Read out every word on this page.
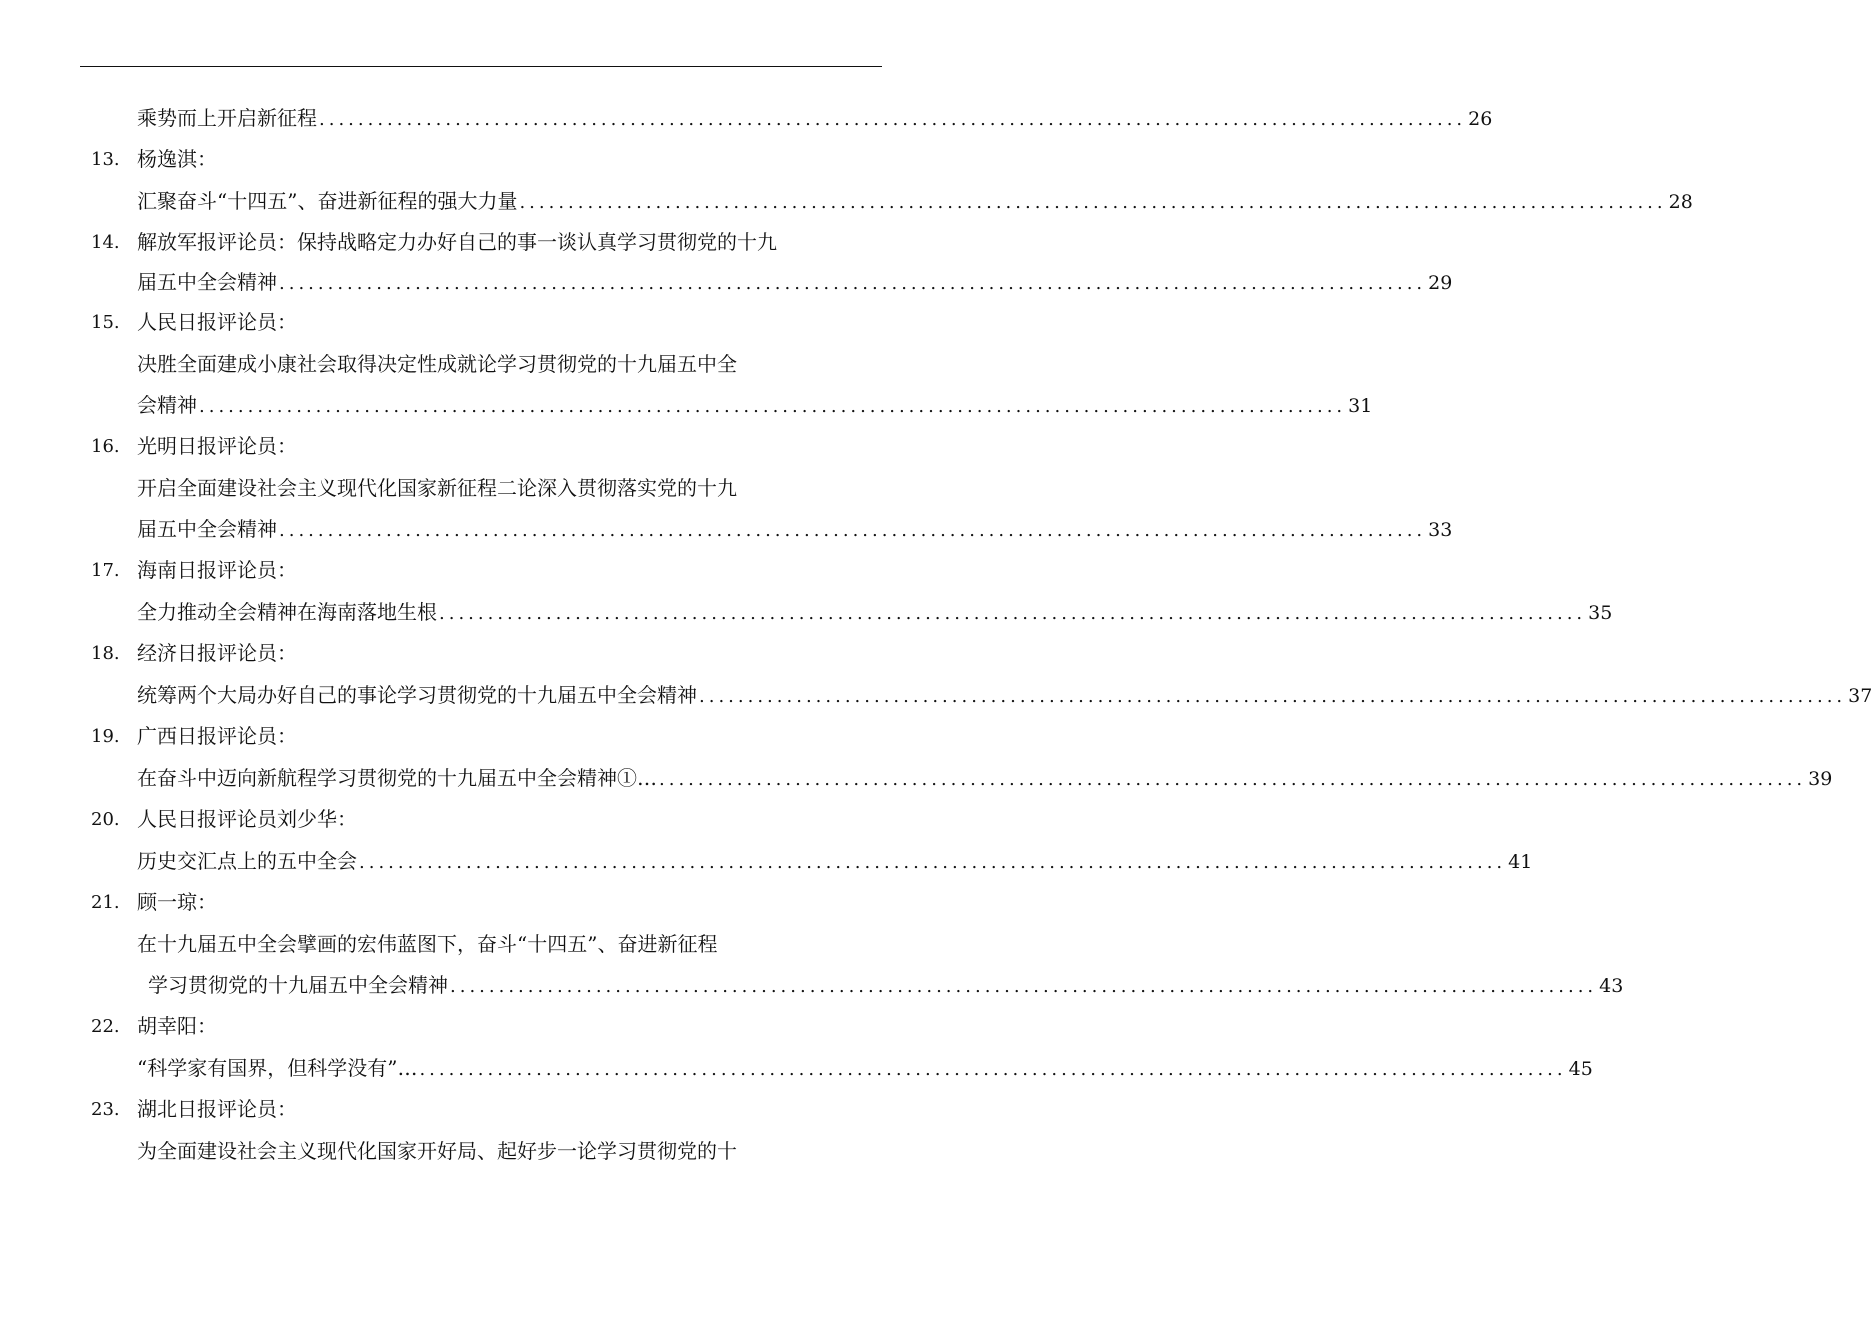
乘势而上开启新征程 ...................................................................................................................... 26
13. 杨逸淇：
汇聚奋斗“十四五”、奋进新征程的强大力量 ...................................................................................................................... 28
14. 解放军报评论员：保持战略定力办好自己的事一谈认真学习贯彻党的十九
届五中全会精神 ...................................................................................................................... 29
15. 人民日报评论员：
决胜全面建成小康社会取得决定性成就论学习贯彻党的十九届五中全
会精神 ...................................................................................................................... 31
16. 光明日报评论员：
开启全面建设社会主义现代化国家新征程二论深入贯彻落实党的十九
届五中全会精神 ...................................................................................................................... 33
17. 海南日报评论员：
全力推动全会精神在海南落地生根 ...................................................................................................................... 35
18. 经济日报评论员：
统筹两个大局办好自己的事论学习贯彻党的十九届五中全会精神 ...................................................................................................................... 37
19. 广西日报评论员：
在奋斗中迈向新航程学习贯彻党的十九届五中全会精神①… ...................................................................................................................... 39
20. 人民日报评论员刘少华：
历史交汇点上的五中全会 ...................................................................................................................... 41
21. 顾一琼：
在十九届五中全会擘画的宏伟蓝图下，奋斗“十四五”、奋进新征程
学习贯彻党的十九届五中全会精神 ...................................................................................................................... 43
22. 胡幸阳：
“科学家有国界，但科学没有”… ...................................................................................................................... 45
23. 湖北日报评论员：
为全面建设社会主义现代化国家开好局、起好步一论学习贯彻党的十
